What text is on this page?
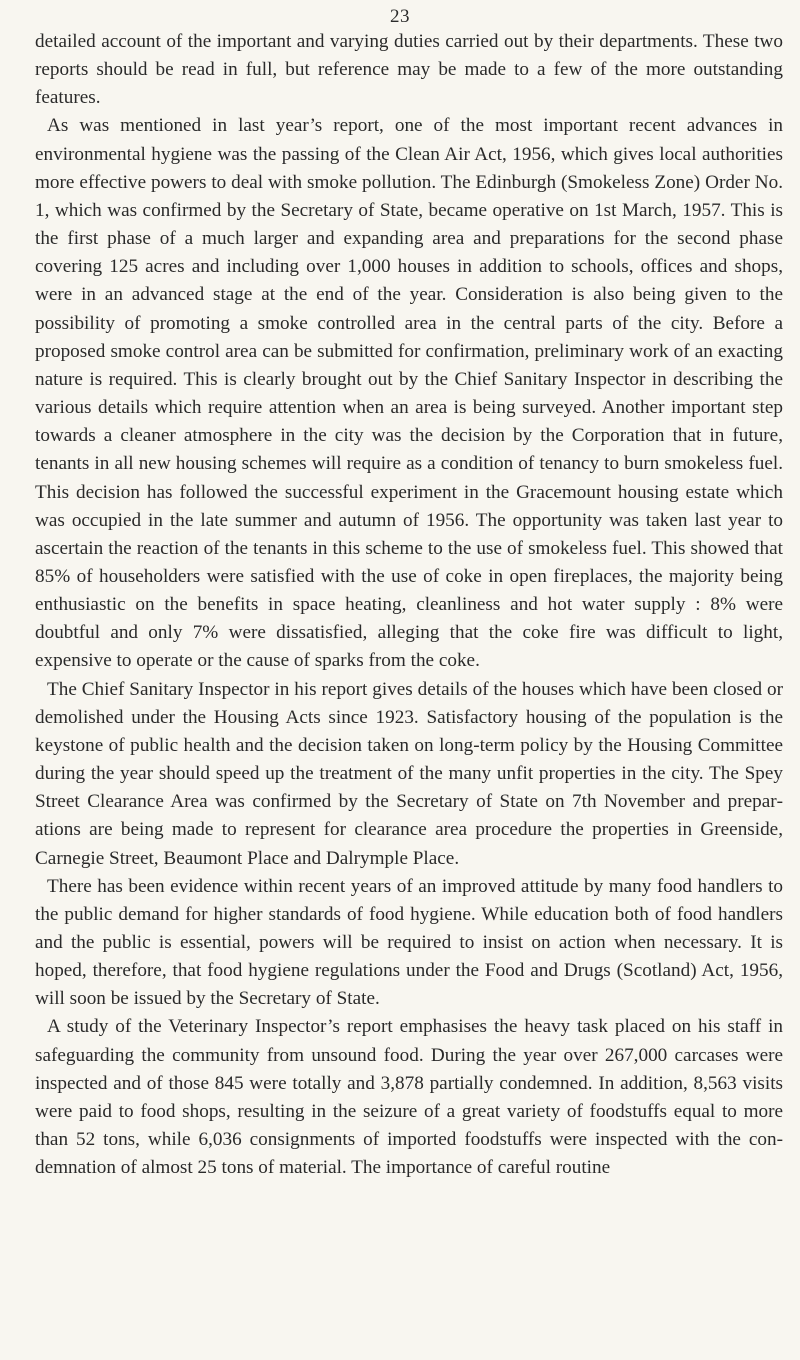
23

detailed account of the important and varying duties carried out by their departments. These two reports should be read in full, but reference may be made to a few of the more outstanding features.

As was mentioned in last year’s report, one of the most important recent advances in environmental hygiene was the passing of the Clean Air Act, 1956, which gives local authorities more effective powers to deal with smoke pollution. The Edinburgh (Smokeless Zone) Order No. 1, which was confirmed by the Secretary of State, became operative on 1st March, 1957. This is the first phase of a much larger and expanding area and preparations for the second phase covering 125 acres and including over 1,000 houses in addition to schools, offices and shops, were in an advanced stage at the end of the year. Consideration is also being given to the possibility of promoting a smoke controlled area in the central parts of the city. Before a proposed smoke control area can be submitted for confirmation, preliminary work of an exacting nature is required. This is clearly brought out by the Chief Sanitary Inspector in describing the various details which require attention when an area is being surveyed. Another important step towards a cleaner atmosphere in the city was the decision by the Corporation that in future, tenants in all new housing schemes will require as a condition of tenancy to burn smokeless fuel. This decision has followed the successful experiment in the Gracemount housing estate which was occupied in the late summer and autumn of 1956. The opportunity was taken last year to ascertain the reaction of the tenants in this scheme to the use of smokeless fuel. This showed that 85% of householders were satisfied with the use of coke in open fireplaces, the majority being enthusiastic on the benefits in space heating, cleanliness and hot water supply : 8% were doubtful and only 7% were dissatisfied, alleging that the coke fire was difficult to light, expensive to operate or the cause of sparks from the coke.

The Chief Sanitary Inspector in his report gives details of the houses which have been closed or demolished under the Housing Acts since 1923. Satisfactory housing of the population is the keystone of public health and the decision taken on long-term policy by the Housing Committee during the year should speed up the treatment of the many unfit properties in the city. The Spey Street Clearance Area was confirmed by the Secretary of State on 7th November and preparations are being made to represent for clearance area procedure the properties in Greenside, Carnegie Street, Beaumont Place and Dalrymple Place.

There has been evidence within recent years of an improved attitude by many food handlers to the public demand for higher standards of food hygiene. While education both of food handlers and the public is essential, powers will be required to insist on action when necessary. It is hoped, therefore, that food hygiene regulations under the Food and Drugs (Scotland) Act, 1956, will soon be issued by the Secretary of State.

A study of the Veterinary Inspector’s report emphasises the heavy task placed on his staff in safeguarding the community from unsound food. During the year over 267,000 carcases were inspected and of those 845 were totally and 3,878 partially condemned. In addition, 8,563 visits were paid to food shops, resulting in the seizure of a great variety of foodstuffs equal to more than 52 tons, while 6,036 consignments of imported foodstuffs were inspected with the condemnation of almost 25 tons of material. The importance of careful routine
